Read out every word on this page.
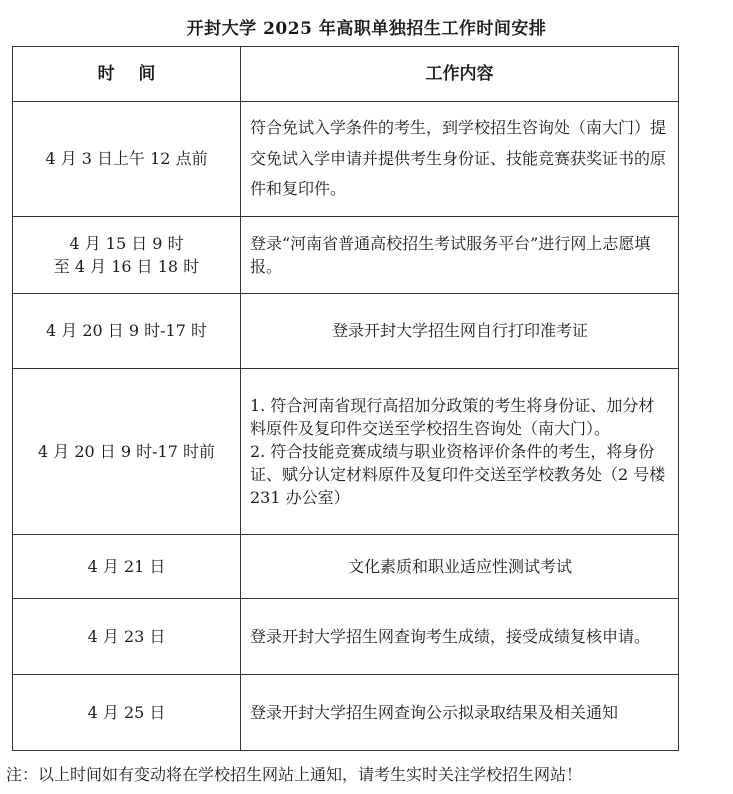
开封大学 2025 年高职单独招生工作时间安排
时    间	工作内容

4 月 3 日上午 12 点前	符合免试入学条件的考生，到学校招生咨询处（南大门）提交免试入学申请并提供考生身份证、技能竞赛获奖证书的原件和复印件。

4 月 15 日 9 时
至 4 月 16 日 18 时	登录“河南省普通高校招生考试服务平台”进行网上志愿填报。

4 月 20 日 9 时-17 时	登录开封大学招生网自行打印准考证

4 月 20 日 9 时-17 时前	1. 符合河南省现行高招加分政策的考生将身份证、加分材料原件及复印件交送至学校招生咨询处（南大门）。
2. 符合技能竞赛成绩与职业资格评价条件的考生，将身份证、赋分认定材料原件及复印件交送至学校教务处（2 号楼 231 办公室）

4 月 21 日	文化素质和职业适应性测试考试

4 月 23 日	登录开封大学招生网查询考生成绩，接受成绩复核申请。

4 月 25 日	登录开封大学招生网查询公示拟录取结果及相关通知
注：以上时间如有变动将在学校招生网站上通知，请考生实时关注学校招生网站！
